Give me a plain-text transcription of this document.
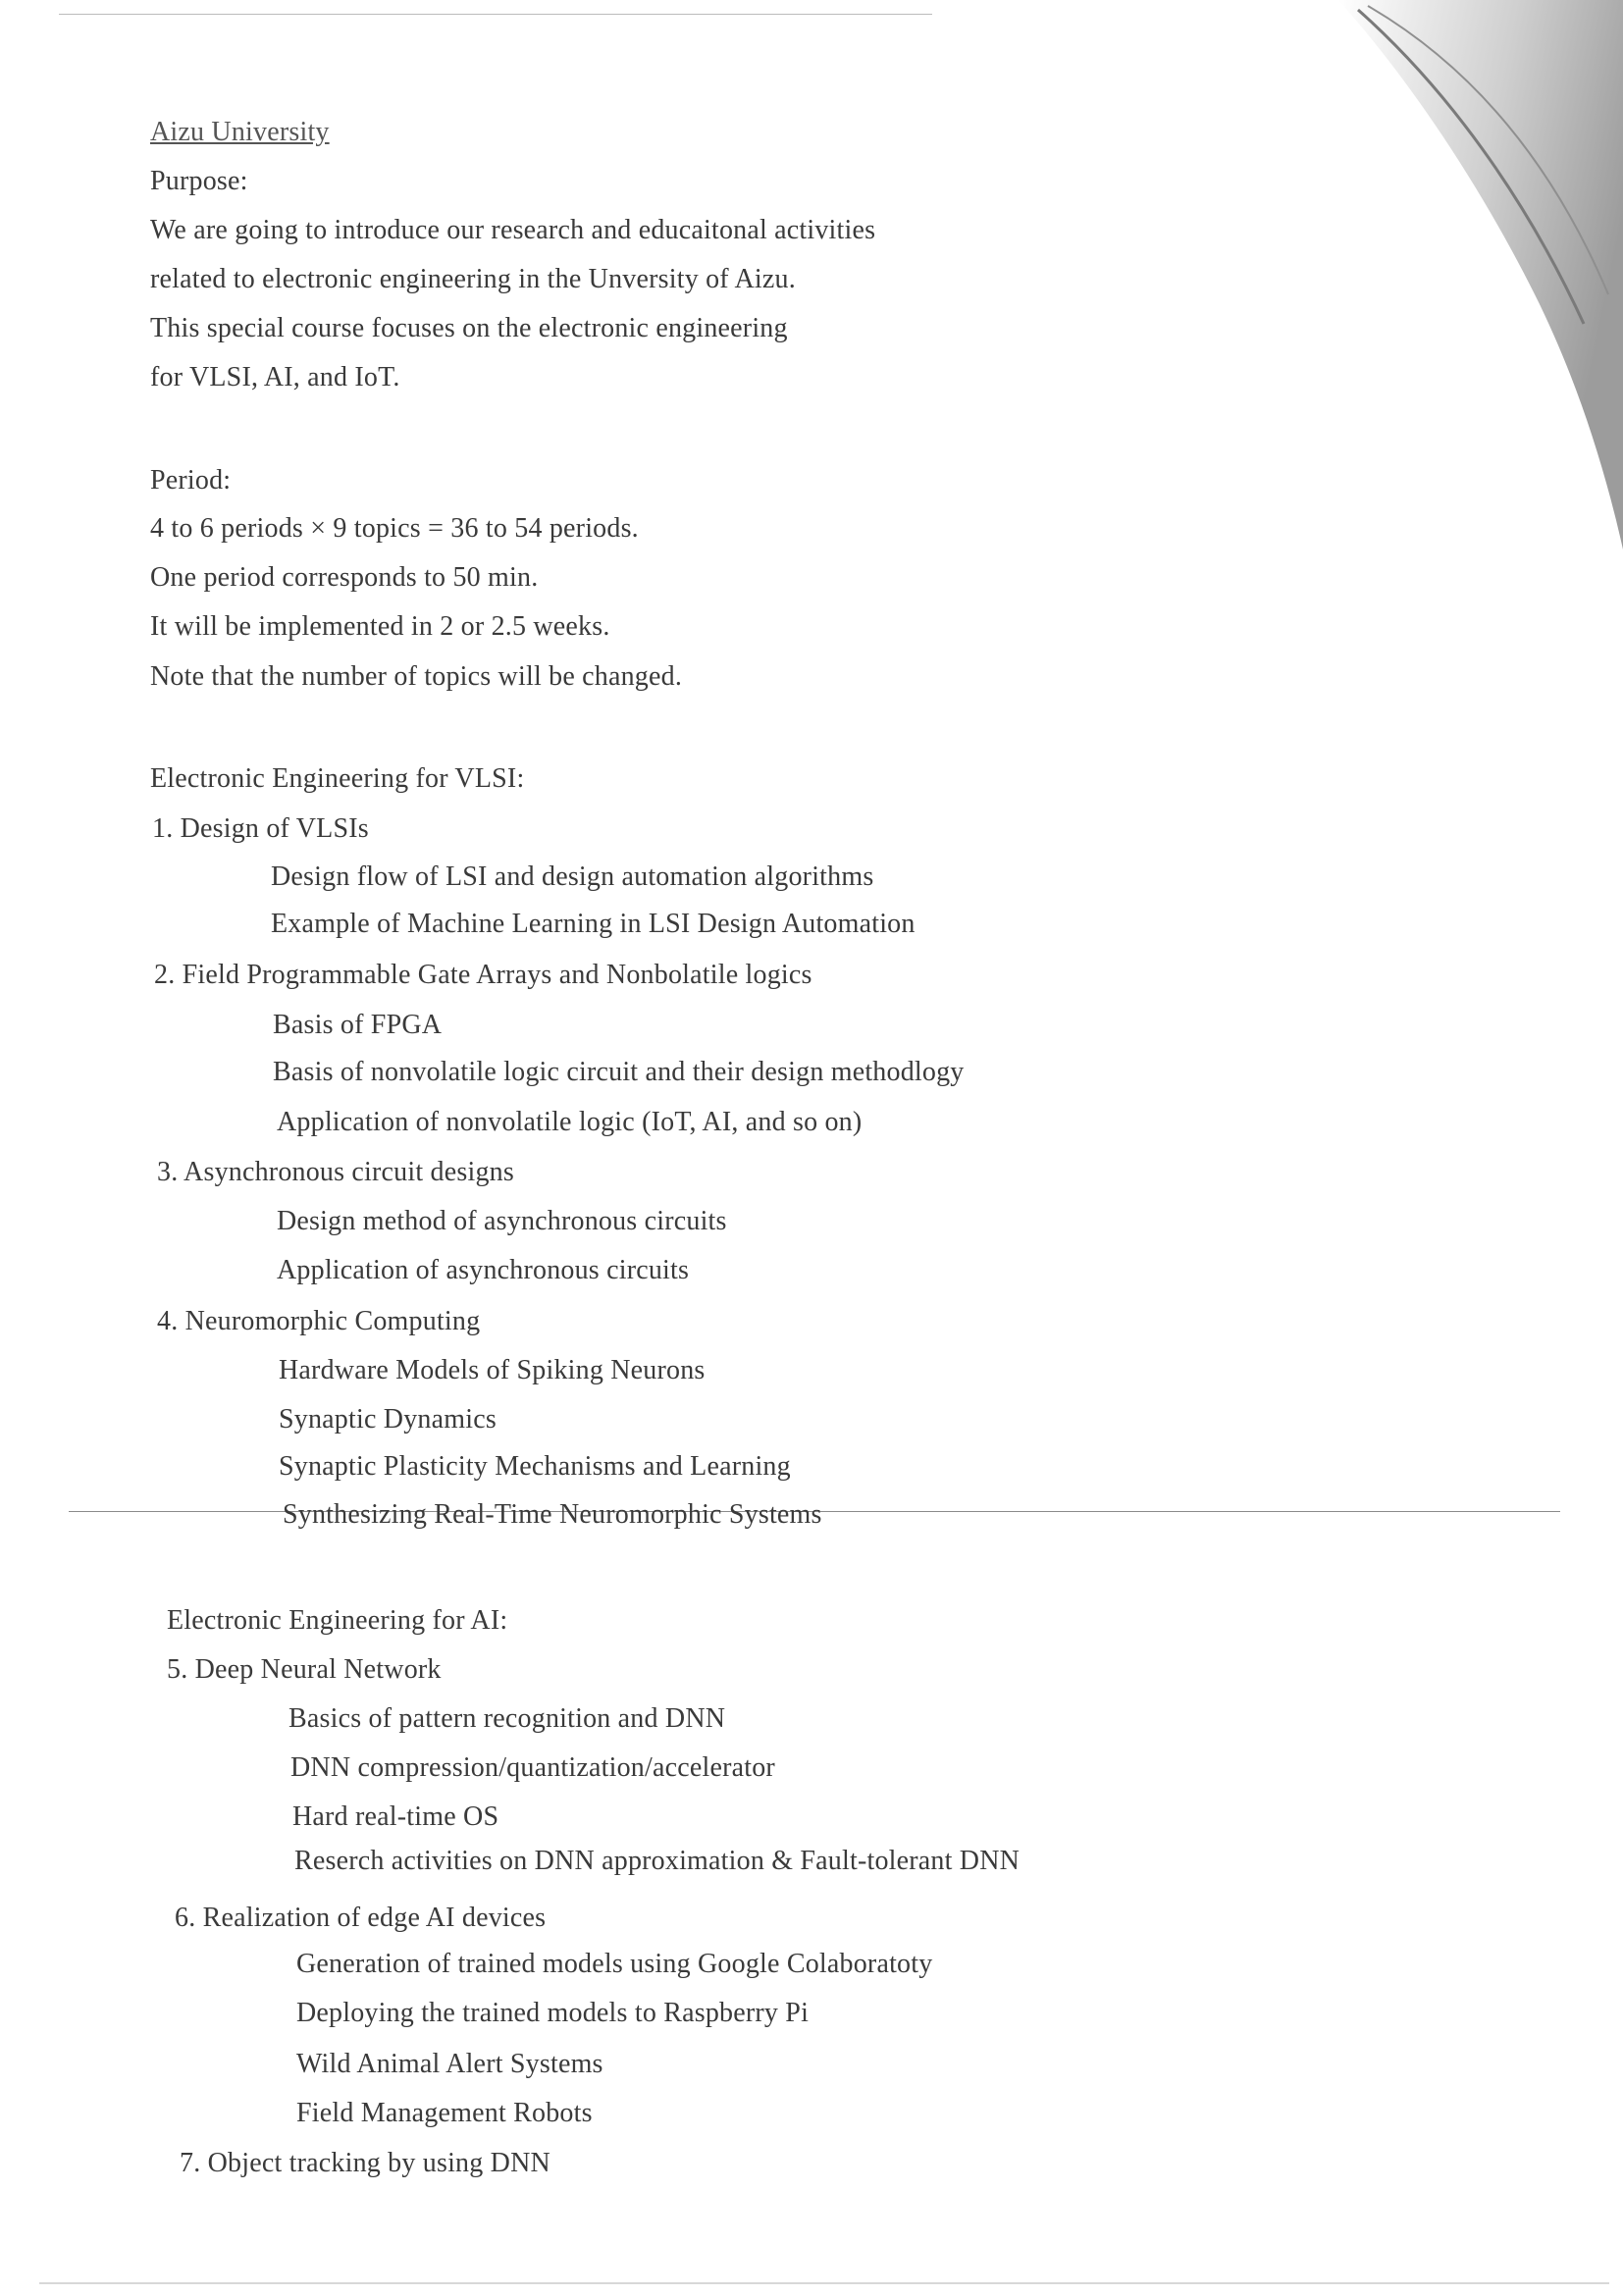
Aizu University
Purpose:
We are going to introduce our research and educaitonal activities
related to electronic engineering in the Unversity of Aizu.
This special course focuses on the electronic engineering
for VLSI, AI, and IoT.
Period:
4 to 6 periods × 9 topics = 36 to 54 periods.
One period corresponds to 50 min.
It will be implemented in 2 or 2.5 weeks.
Note that the number of topics will be changed.
Electronic Engineering for VLSI:
1. Design of VLSIs
Design flow of LSI and design automation algorithms
Example of Machine Learning in LSI Design Automation
2. Field Programmable Gate Arrays and Nonbolatile logics
Basis of FPGA
Basis of nonvolatile logic circuit and their design methodlogy
Application of nonvolatile logic (IoT, AI, and so on)
3. Asynchronous circuit designs
Design method of asynchronous circuits
Application of asynchronous circuits
4. Neuromorphic Computing
Hardware Models of Spiking Neurons
Synaptic Dynamics
Synaptic Plasticity Mechanisms and Learning
Synthesizing Real-Time Neuromorphic Systems
Electronic Engineering for AI:
5. Deep Neural Network
Basics of pattern recognition and DNN
DNN compression/quantization/accelerator
Hard real-time OS
Reserch activities on DNN approximation & Fault-tolerant DNN
6. Realization of edge AI devices
Generation of trained models using Google Colaboratoty
Deploying the trained models to Raspberry Pi
Wild Animal Alert Systems
Field Management Robots
7. Object tracking by using DNN
